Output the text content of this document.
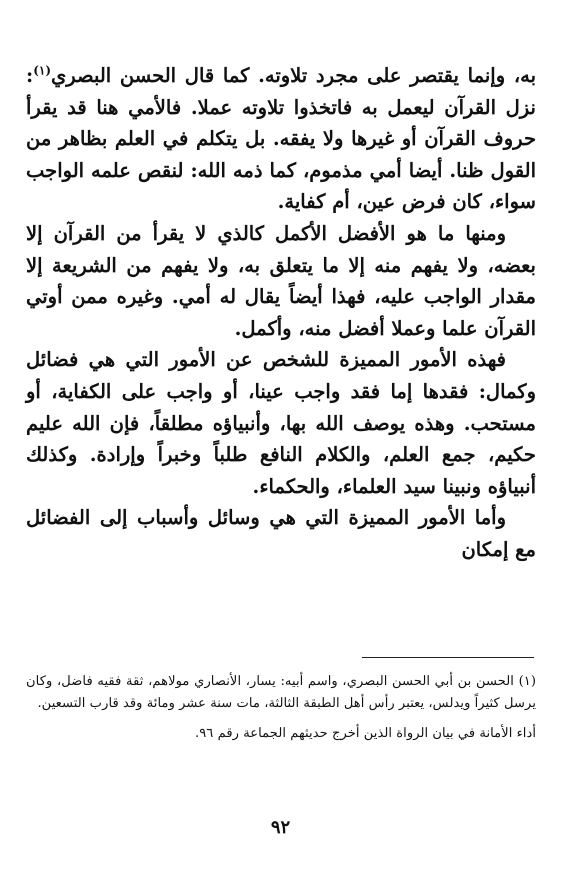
به، وإنما يقتصر على مجرد تلاوته. كما قال الحسن البصري$^{(١)}$: نزل القرآن ليعمل به فاتخذوا تلاوته عملا. فالأمي هنا قد يقرأ حروف القرآن أو غيرها ولا يفقه. بل يتكلم في العلم بظاهر من القول ظنا. أيضا أمي مذموم، كما ذمه الله: لنقص علمه الواجب سواء، كان فرض عين، أم كفاية.

ومنها ما هو الأفضل الأكمل كالذي لا يقرأ من القرآن إلا بعضه، ولا يفهم منه إلا ما يتعلق به، ولا يفهم من الشريعة إلا مقدار الواجب عليه، فهذا أيضاً يقال له أمي. وغيره ممن أوتي القرآن علما وعملا أفضل منه، وأكمل.

فهذه الأمور المميزة للشخص عن الأمور التي هي فضائل وكمال: فقدها إما فقد واجب عينا، أو واجب على الكفاية، أو مستحب. وهذه يوصف الله بها، وأنبياؤه مطلقاً، فإن الله عليم حكيم، جمع العلم، والكلام النافع طلباً وخبراً وإرادة. وكذلك أنبياؤه ونبينا سيد العلماء، والحكماء.

وأما الأمور المميزة التي هي وسائل وأسباب إلى الفضائل مع إمكان

(١) الحسن بن أبي الحسن البصري، واسم أبيه: يسار، الأنصاري مولاهم، ثقة فقيه فاضل، وكان يرسل كثيراً ويدلس، يعتبر رأس أهل الطبقة الثالثة، مات سنة عشر ومائة وقد قارب التسعين.

أداء الأمانة في بيان الرواة الذين أخرج حديثهم الجماعة رقم ٩٦.

٩٢
